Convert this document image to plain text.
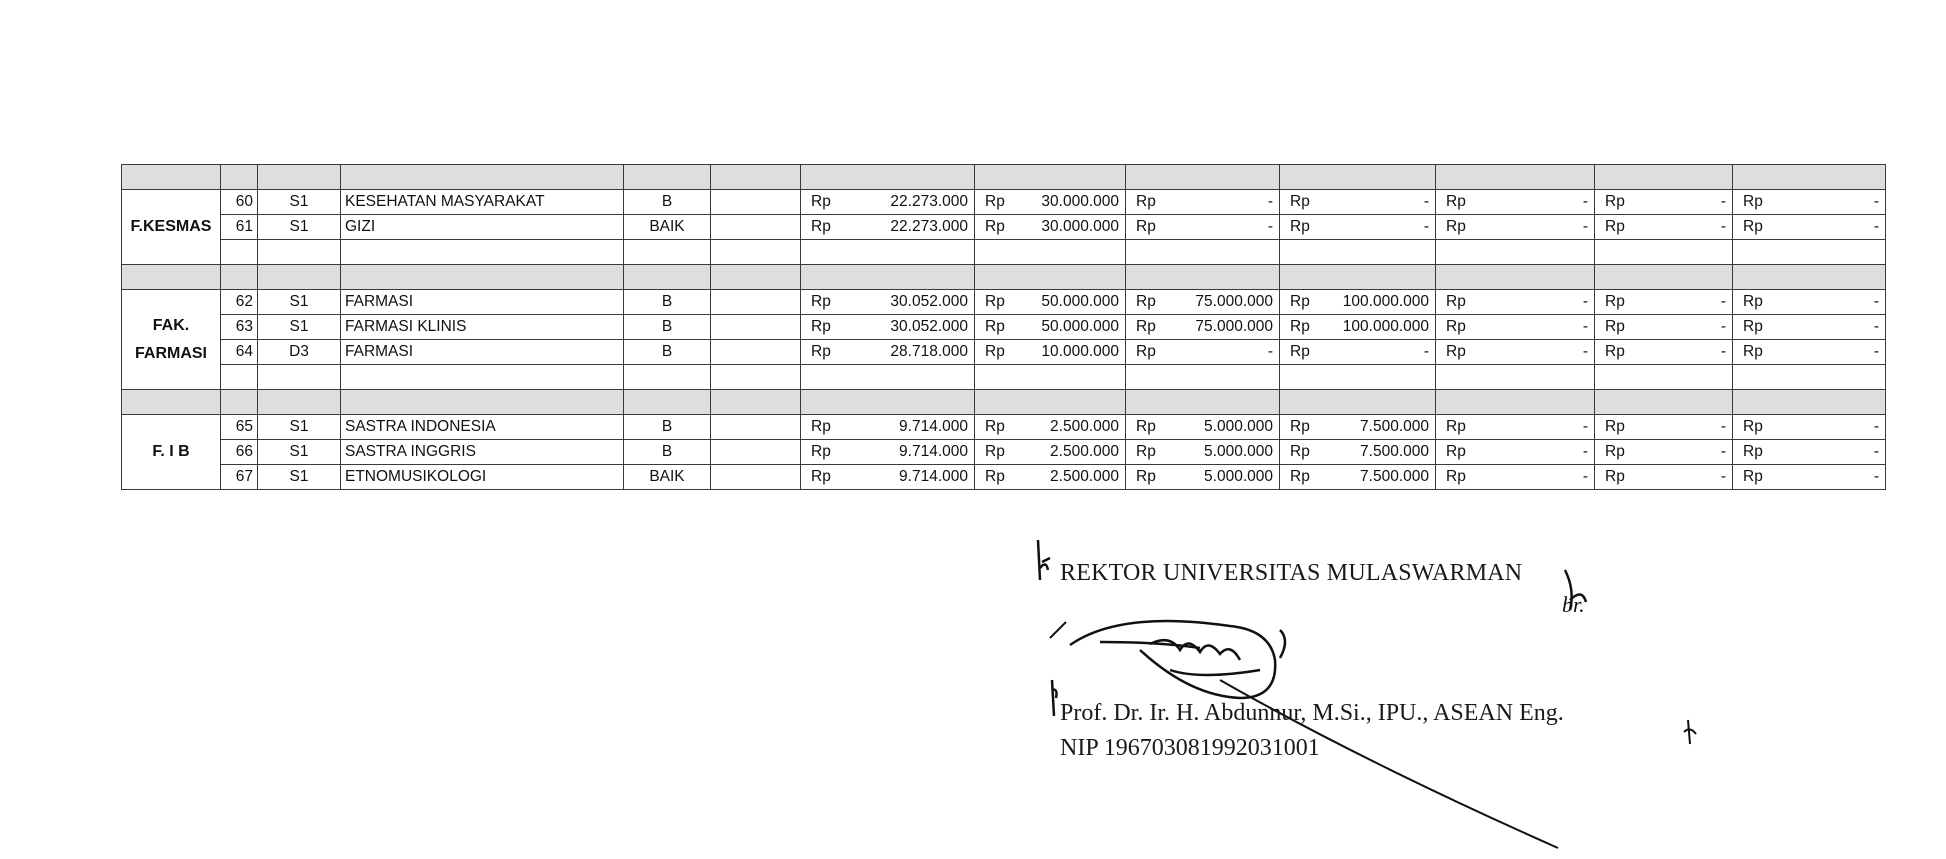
F.KESMAS	60	S1	KESEHATAN MASYARAKAT	B		Rp 22.273.000	Rp 30.000.000	Rp -	Rp -	Rp -	Rp -	Rp -

	61	S1	GIZI	BAIK		Rp 22.273.000	Rp 30.000.000	Rp -	Rp -	Rp -	Rp -	Rp -

FAK. FARMASI	62	S1	FARMASI	B		Rp 30.052.000	Rp 50.000.000	Rp 75.000.000	Rp 100.000.000	Rp -	Rp -	Rp -

	63	S1	FARMASI KLINIS	B		Rp 30.052.000	Rp 50.000.000	Rp 75.000.000	Rp 100.000.000	Rp -	Rp -	Rp -

	64	D3	FARMASI	B		Rp 28.718.000	Rp 10.000.000	Rp -	Rp -	Rp -	Rp -	Rp -

F. I B	65	S1	SASTRA INDONESIA	B		Rp 9.714.000	Rp 2.500.000	Rp 5.000.000	Rp 7.500.000	Rp -	Rp -	Rp -

	66	S1	SASTRA INGGRIS	B		Rp 9.714.000	Rp 2.500.000	Rp 5.000.000	Rp 7.500.000	Rp -	Rp -	Rp -

	67	S1	ETNOMUSIKOLOGI	BAIK		Rp 9.714.000	Rp 2.500.000	Rp 5.000.000	Rp 7.500.000	Rp -	Rp -	Rp -
br.
REKTOR UNIVERSITAS MULASWARMAN
Prof. Dr. Ir. H. Abdunnur, M.Si., IPU., ASEAN Eng.
NIP 196703081992031001
